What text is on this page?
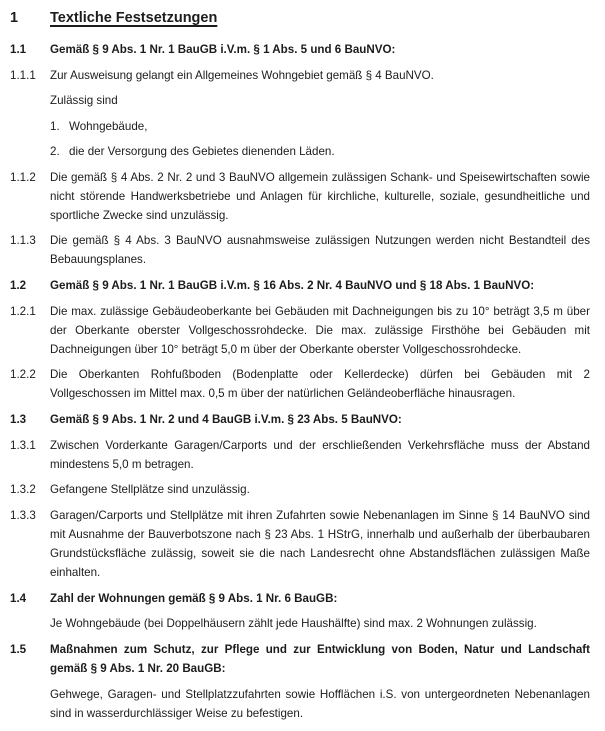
1	Textliche Festsetzungen
1.1	Gemäß § 9 Abs. 1 Nr. 1 BauGB i.V.m. § 1 Abs. 5 und 6 BauNVO:
1.1.1	Zur Ausweisung gelangt ein Allgemeines Wohngebiet gemäß § 4 BauNVO.
Zulässig sind
1. Wohngebäude,
2. die der Versorgung des Gebietes dienenden Läden.
1.1.2	Die gemäß § 4 Abs. 2 Nr. 2 und 3 BauNVO allgemein zulässigen Schank- und Speisewirtschaften sowie nicht störende Handwerksbetriebe und Anlagen für kirchliche, kulturelle, soziale, gesundheitliche und sportliche Zwecke sind unzulässig.
1.1.3	Die gemäß § 4 Abs. 3 BauNVO ausnahmsweise zulässigen Nutzungen werden nicht Bestandteil des Bebauungsplanes.
1.2	Gemäß § 9 Abs. 1 Nr. 1 BauGB i.V.m. § 16 Abs. 2 Nr. 4 BauNVO und § 18 Abs. 1 BauNVO:
1.2.1	Die max. zulässige Gebäudeoberkante bei Gebäuden mit Dachneigungen bis zu 10° beträgt 3,5 m über der Oberkante oberster Vollgeschossrohdecke. Die max. zulässige Firsthöhe bei Gebäuden mit Dachneigungen über 10° beträgt 5,0 m über der Oberkante oberster Vollgeschossrohdecke.
1.2.2	Die Oberkanten Rohfußboden (Bodenplatte oder Kellerdecke) dürfen bei Gebäuden mit 2 Vollgeschossen im Mittel max. 0,5 m über der natürlichen Geländeoberfläche hinausragen.
1.3	Gemäß § 9 Abs. 1 Nr. 2 und 4 BauGB i.V.m. § 23 Abs. 5 BauNVO:
1.3.1	Zwischen Vorderkante Garagen/Carports und der erschließenden Verkehrsfläche muss der Abstand mindestens 5,0 m betragen.
1.3.2	Gefangene Stellplätze sind unzulässig.
1.3.3	Garagen/Carports und Stellplätze mit ihren Zufahrten sowie Nebenanlagen im Sinne § 14 BauNVO sind mit Ausnahme der Bauverbotszone nach § 23 Abs. 1 HStrG, innerhalb und außerhalb der überbaubaren Grundstücksfläche zulässig, soweit sie die nach Landesrecht ohne Abstandsflächen zulässigen Maße einhalten.
1.4	Zahl der Wohnungen gemäß § 9 Abs. 1 Nr. 6 BauGB:
Je Wohngebäude (bei Doppelhäusern zählt jede Haushälfte) sind max. 2 Wohnungen zulässig.
1.5	Maßnahmen zum Schutz, zur Pflege und zur Entwicklung von Boden, Natur und Landschaft gemäß § 9 Abs. 1 Nr. 20 BauGB:
Gehwege, Garagen- und Stellplatzzufahrten sowie Hofflächen i.S. von untergeordneten Nebenanlagen sind in wasserdurchlässiger Weise zu befestigen.
